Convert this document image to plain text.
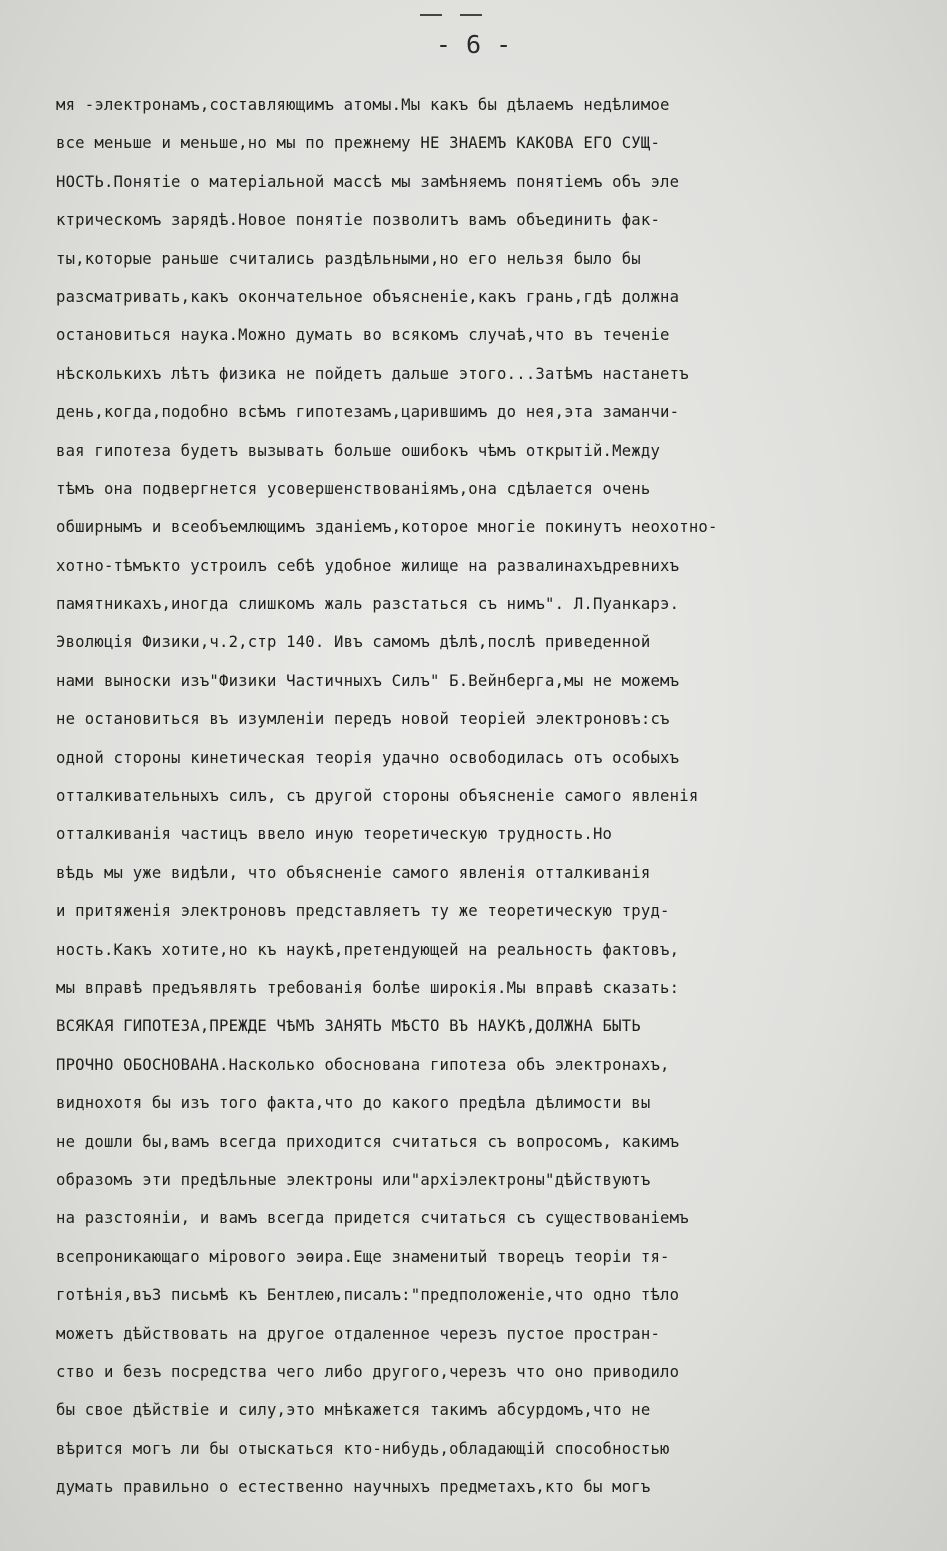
- 6 -
мя -электронамъ,составляющимъ атомы.Мы какъ бы дѣлаемъ недѣлимое
все меньше и меньше,но мы по прежнему НЕ ЗНАЕМЪ КАКОВА ЕГО СУЩ-
НОСТЬ.Понятіе о матеріальной массѣ мы замѣняемъ понятіемъ объ эле
ктрическомъ зарядѣ.Новое понятіе позволитъ вамъ объединить фак-
ты,которые раньше считались раздѣльными,но его нельзя было бы
разсматривать,какъ окончательное объясненіе,какъ грань,гдѣ должна
остановиться наука.Можно думать во всякомъ случаѣ,что въ теченіе
нѣсколькихъ лѣтъ физика не пойдетъ дальше этого...Затѣмъ настанетъ
день,когда,подобно всѣмъ гипотезамъ,царившимъ до нея,эта заманчи-
вая гипотеза будетъ вызывать больше ошибокъ чѣмъ открытій.Между
тѣмъ она подвергнется усовершенствованіямъ,она сдѣлается очень
обширнымъ и всеобъемлющимъ зданіемъ,которое многіе покинутъ неохотно-
хотно-тѣмъкто устроилъ себѣ удобное жилище на развалинахъдревнихъ
памятникахъ,иногда слишкомъ жаль разстаться съ нимъ". Л.Пуанкарэ.
Эволюція Физики,ч.2,стр 140. Ивъ самомъ дѣлѣ,послѣ приведенной
нами выноски изъ"Физики Частичныхъ Силъ" Б.Вейнберга,мы не можемъ
не остановиться въ изумленіи передъ новой теоріей электроновъ:съ
одной стороны кинетическая теорія удачно освободилась отъ особыхъ
отталкивательныхъ силъ, съ другой стороны объясненіе самого явленія
отталкиванія частицъ ввело иную теоретическую трудность.Но
вѣдь мы уже видѣли, что объясненіе самого явленія отталкиванія
и притяженія электроновъ представляетъ ту же теоретическую труд-
ность.Какъ хотите,но къ наукѣ,претендующей на реальность фактовъ,
мы вправѣ предъявлять требованія болѣе широкія.Мы вправѣ сказать:
ВСЯКАЯ ГИПОТЕЗА,ПРЕЖДЕ ЧѢМЪ ЗАНЯТЬ МѢСТО ВЪ НАУКѢ,ДОЛЖНА БЫТЬ
ПРОЧНО ОБОСНОВАНА.Насколько обоснована гипотеза объ электронахъ,
виднохотя бы изъ того факта,что до какого предѣла дѣлимости вы
не дошли бы,вамъ всегда приходится считаться съ вопросомъ, какимъ
образомъ эти предѣльные электроны или"архіэлектроны"дѣйствуютъ
на разстояніи, и вамъ всегда придется считаться съ существованіемъ
всепроникающаго мірового эѳира.Еще знаменитый творецъ теоріи тя-
готѣнія,въ3 письмѣ къ Бентлею,писалъ:"предположеніе,что одно тѣло
можетъ дѣйствовать на другое отдаленное черезъ пустое простран-
ство и безъ посредства чего либо другого,черезъ что оно приводило
бы свое дѣйствіе и силу,это мнѣкажется такимъ абсурдомъ,что не
вѣрится могъ ли бы отыскаться кто-нибудь,обладающій способностью
думать правильно о естественно научныхъ предметахъ,кто бы могъ
